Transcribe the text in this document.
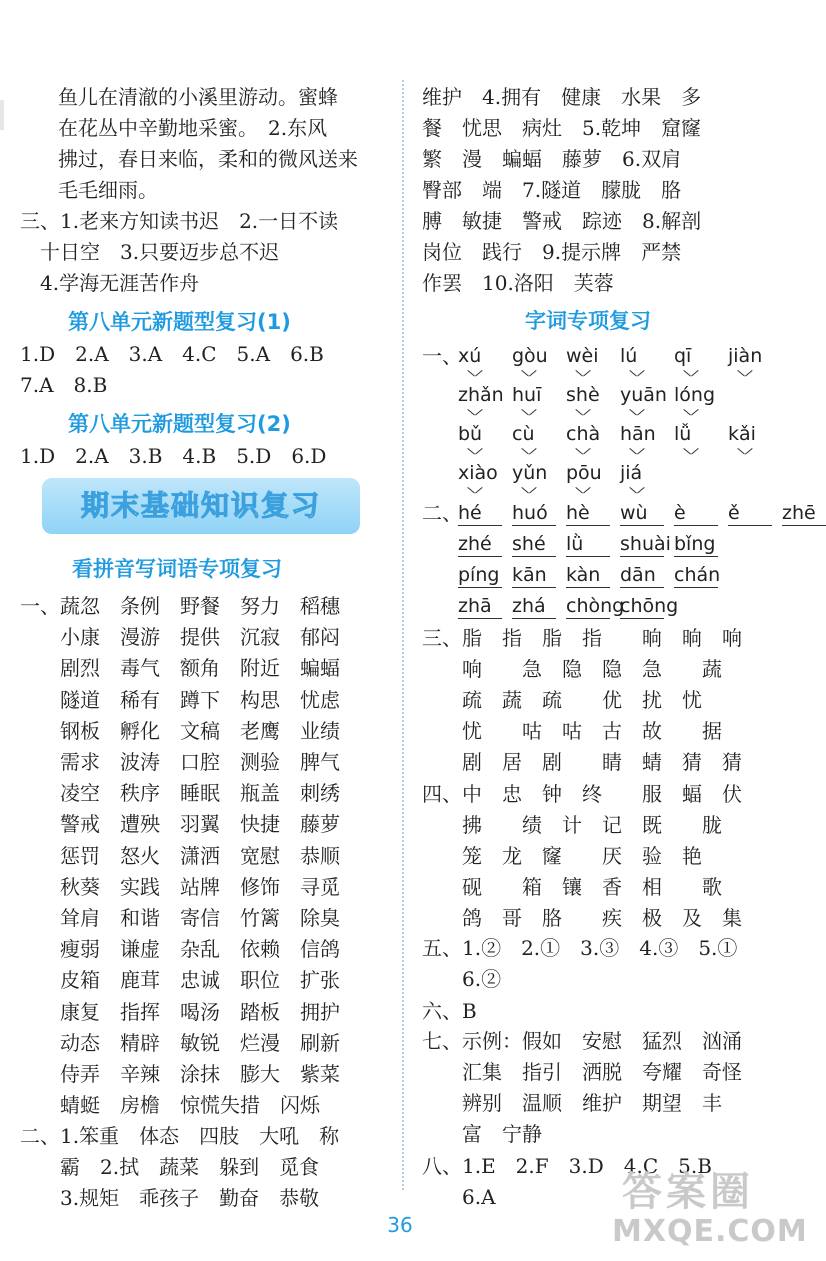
鱼儿在清澈的小溪里游动。蜜蜂
在花丛中辛勤地采蜜。　2.东风
拂过，春日来临，柔和的微风送来
毛毛细雨。
三、1.老来方知读书迟　2.一日不读
　十日空　3.只要迈步总不迟
　4.学海无涯苦作舟
第八单元新题型复习(1)
1.D　2.A　3.A　4.C　5.A　6.B
7.A　8.B
第八单元新题型复习(2)
1.D　2.A　3.B　4.B　5.D　6.D
期末基础知识复习
看拼音写词语专项复习
一、蔬忽　条例　野餐　努力　稻穗
　　小康　漫游　提供　沉寂　郁闷
　　剧烈　毒气　额角　附近　蝙蝠
　　隧道　稀有　蹲下　构思　忧虑
　　钢板　孵化　文稿　老鹰　业绩
　　需求　波涛　口腔　测验　脾气
　　凌空　秩序　睡眠　瓶盖　刺绣
　　警戒　遭殃　羽翼　快捷　藤萝
　　惩罚　怒火　潇洒　宽慰　恭顺
　　秋葵　实践　站牌　修饰　寻觅
　　耸肩　和谐　寄信　竹篱　除臭
　　瘦弱　谦虚　杂乱　依赖　信鸽
　　皮箱　鹿茸　忠诚　职位　扩张
　　康复　指挥　喝汤　踏板　拥护
　　动态　精辟　敏锐　烂漫　刷新
　　侍弄　辛辣　涂抹　膨大　紫菜
　　蜻蜓　房檐　惊慌失措　闪烁
二、1.笨重　体态　四肢　大吼　称
　　霸　2.拭　蔬菜　躲到　觅食
　　3.规矩　乖孩子　勤奋　恭敬
维护　4.拥有　健康　水果　多
餐　忧思　病灶　5.乾坤　窟窿
繁　漫　蝙蝠　藤萝　6.双肩
臀部　端　7.隧道　朦胧　胳
膊　敏捷　警戒　踪迹　8.解剖
岗位　践行　9.提示牌　严禁
作罢　10.洛阳　芙蓉
字词专项复习
一、
xú gòu wèi lú qī jiàn
zhǎn huī shè yuān lóng
bǔ cù chà hān lǚ kǎi
xiào yǔn pōu jiá
二、
hé huó hè wù è ě zhē
zhé shé lǜ shuài bǐng
píng kān kàn dān chán
zhā zhá chòng
chōng
三、脂　指　脂　指　　晌　晌　响
　　响　　急　隐　隐　急　　蔬
　　疏　蔬　疏　　优　扰　忧
　　忧　　咕　咕　古　故　　据
　　剧　居　剧　　睛　蜻　猜　猜
四、中　忠　钟　终　　服　蝠　伏
　　拂　　绩　计　记　既　　胧
　　笼　龙　窿　　厌　验　艳
　　砚　　箱　镶　香　相　　歌
　　鸽　哥　胳　　疾　极　及　集
五、1.②　2.①　3.③　4.③　5.①
　　6.②
六、B
七、示例：假如　安慰　猛烈　汹涌
　　汇集　指引　洒脱　夸耀　奇怪
　　辨别　温顺　维护　期望　丰
　　富　宁静
八、1.E　2.F　3.D　4.C　5.B
　　6.A
36
答案圈
MXQE.COM
